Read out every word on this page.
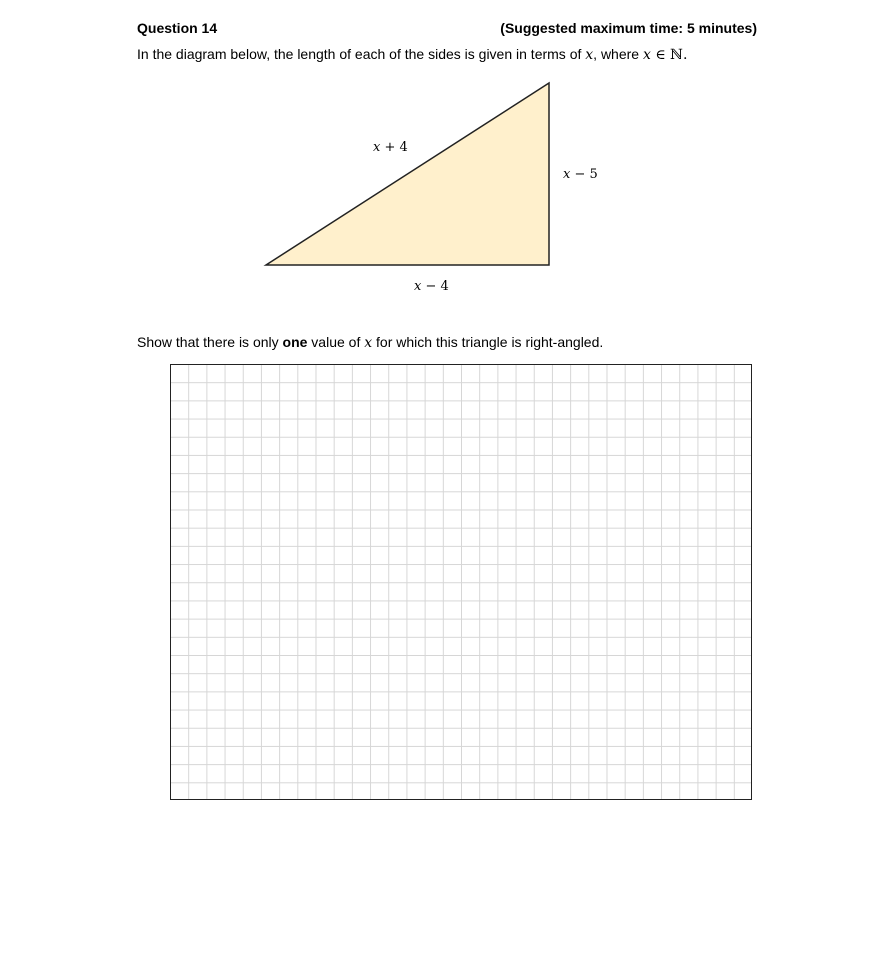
Question 14	(Suggested maximum time: 5 minutes)
In the diagram below, the length of each of the sides is given in terms of x, where x ∈ ℕ.
x + 4
x − 5
x − 4
Show that there is only one value of x for which this triangle is right-angled.
